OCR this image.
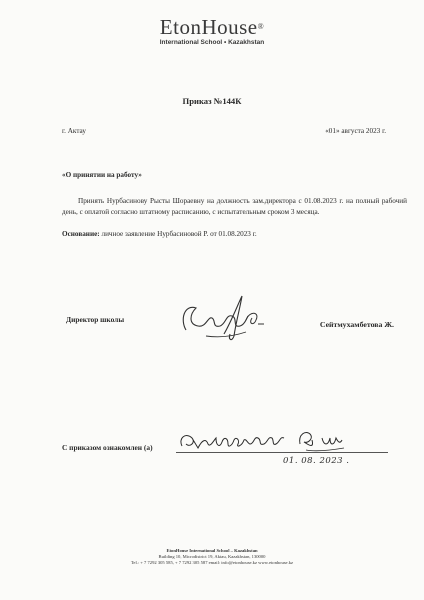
EtonHouse®
International School • Kazakhstan
Приказ №144К
г. Актау	«01» августа 2023 г.
«О принятии на работу»
Принять Нурбасинову Рысты Шораевну на должность зам.директора с 01.08.2023 г. на полный рабочий день, с оплатой согласно штатному расписанию, с испытательным сроком 3 месяца.
Основание: личное заявление Нурбасиновой Р. от 01.08.2023 г.
Директор школы
Сейтмухамбетова Ж.
С приказом ознакомлен (а)
01. 08. 2023 .
EtonHouse International School – Kazakhstan
Building 10, Microdistrict 19, Aktau, Kazakhstan, 130000
Tel.: + 7 7292 305 585, + 7 7292 305 587 email: info@etonhouse.kz www.etonhouse.kz
